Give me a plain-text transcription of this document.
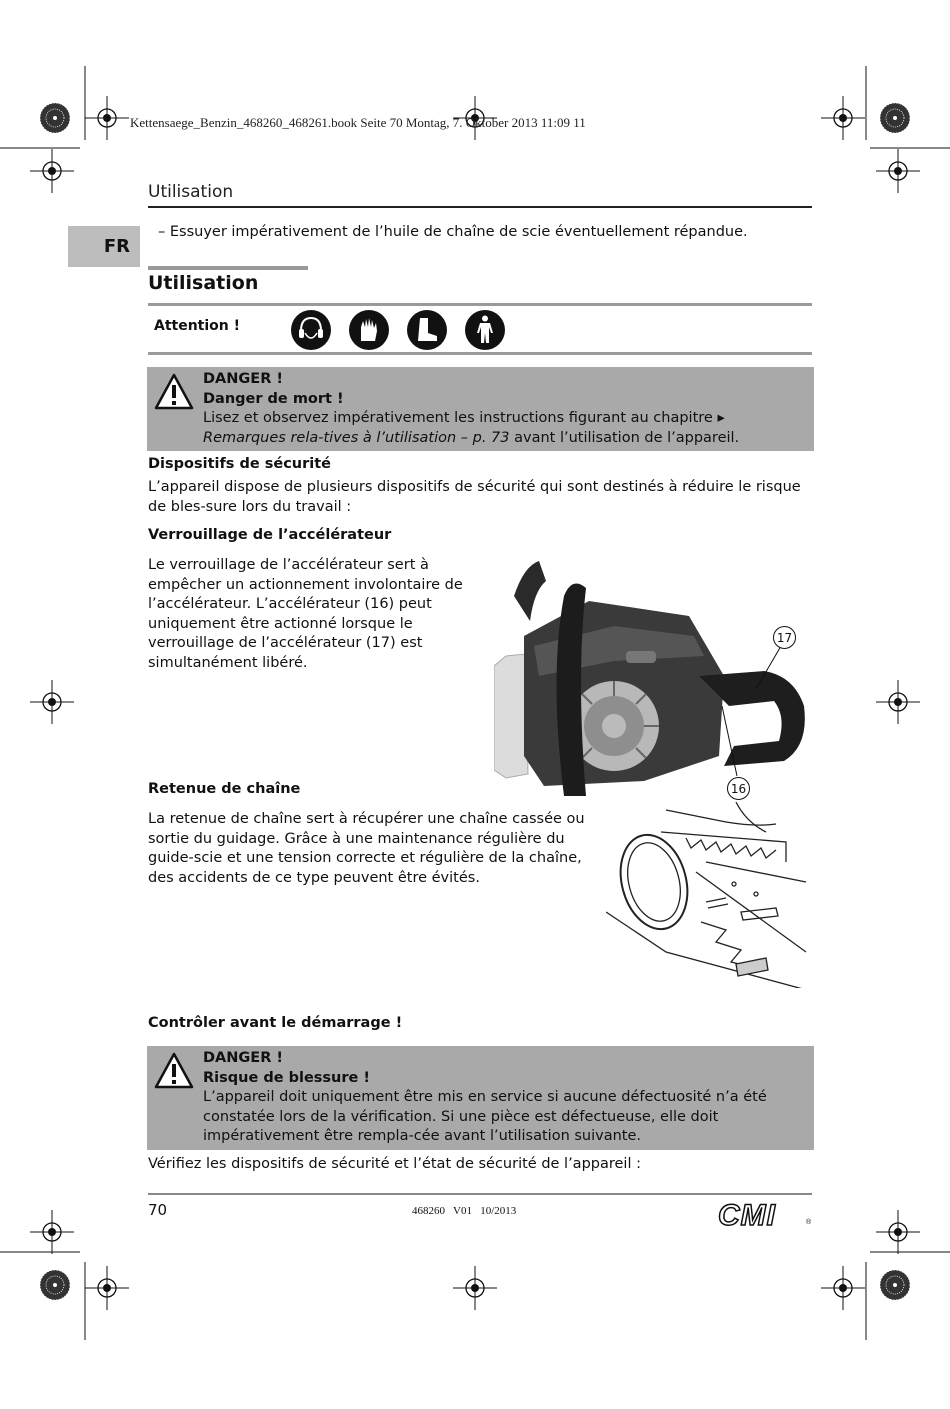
Kettensaege_Benzin_468260_468261.book Seite 70 Montag, 7. Oktober 2013 11:09 11
Utilisation
FR
– Essuyer impérativement de l’huile de chaîne de scie éventuellement répandue.
Utilisation
Attention !
DANGER !
Danger de mort !
Lisez et observez impérativement les instructions figurant au chapitre ▸ Remarques rela-tives à l’utilisation – p. 73 avant l’utilisation de l’appareil.
Dispositifs de sécurité
L’appareil dispose de plusieurs dispositifs de sécurité qui sont destinés à réduire le risque de bles-sure lors du travail :
Verrouillage de l’accélérateur
Le verrouillage de l’accélérateur sert à empêcher un actionnement involontaire de l’accélérateur. L’accélérateur (16) peut uniquement être actionné lorsque le verrouillage de l’accélérateur (17) est simultanément libéré.
17
16
Retenue de chaîne
La retenue de chaîne sert à récupérer une chaîne cassée ou sortie du guidage. Grâce à une maintenance régulière du guide-scie et une tension correcte et régulière de la chaîne, des accidents de ce type peuvent être évités.
Contrôler avant le démarrage !
DANGER !
Risque de blessure !
L’appareil doit uniquement être mis en service si aucune défectuosité n’a été constatée lors de la vérification. Si une pièce est défectueuse, elle doit impérativement être rempla-cée avant l’utilisation suivante.
Vérifiez les dispositifs de sécurité et l’état de sécurité de l’appareil :
70	468260   V01   10/2013	CMI	®
